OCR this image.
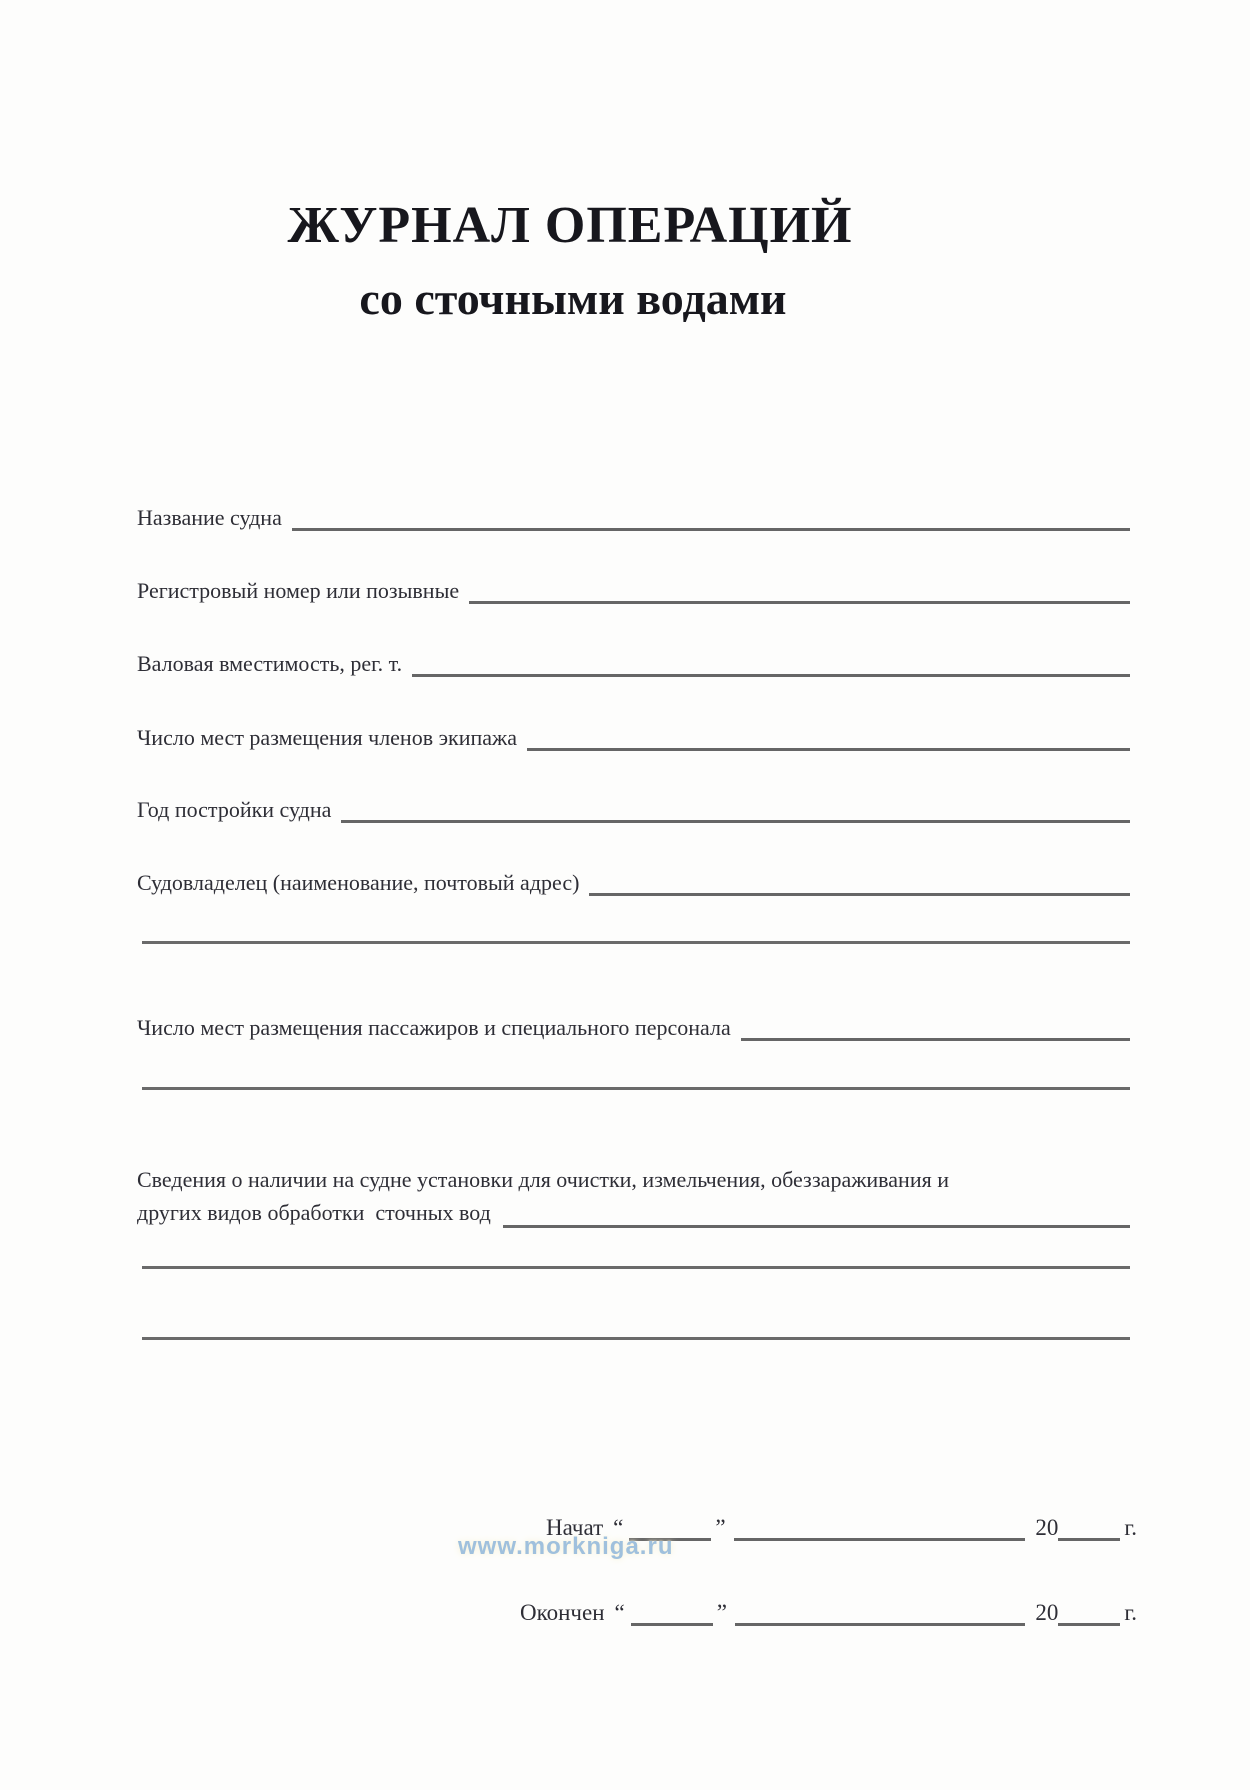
ЖУРНАЛ ОПЕРАЦИЙ
со сточными водами
Название судна
Регистровый номер или позывные
Валовая вместимость, рег. т.
Число мест размещения членов экипажа
Год постройки судна
Судовладелец (наименование, почтовый адрес)
Число мест размещения пассажиров и специального персонала
Сведения о наличии на судне установки для очистки, измельчения, обеззараживания и
других видов обработки  сточных вод
Начат “	”	20	г.
Окончен “	”	20	г.
www.morkniga.ru
